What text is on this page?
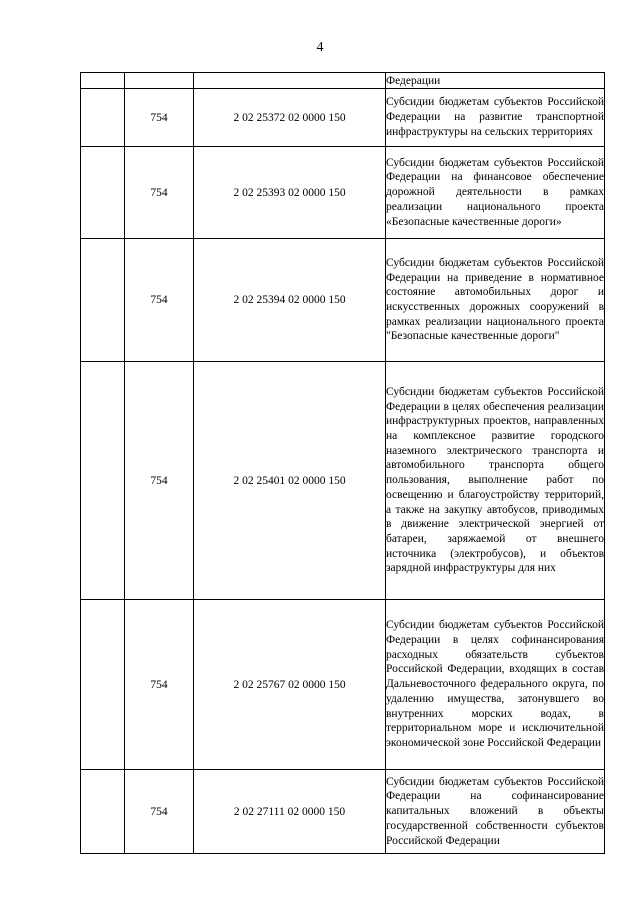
4
			Федерации
	754	2 02 25372 02 0000 150	Субсидии бюджетам субъектов Российской Федерации на развитие транспортной инфраструктуры на сельских территориях
	754	2 02 25393 02 0000 150	Субсидии бюджетам субъектов Российской Федерации на финансовое обеспечение дорожной деятельности в рамках реализации национального проекта «Безопасные качественные дороги»
	754	2 02 25394 02 0000 150	Субсидии бюджетам субъектов Российской Федерации на приведение в нормативное состояние автомобильных дорог и искусственных дорожных сооружений в рамках реализации национального проекта "Безопасные качественные дороги"
	754	2 02 25401 02 0000 150	Субсидии бюджетам субъектов Российской Федерации в целях обеспечения реализации инфраструктурных проектов, направленных на комплексное развитие городского наземного электрического транспорта и автомобильного транспорта общего пользования, выполнение работ по освещению и благоустройству территорий, а также на закупку автобусов, приводимых в движение электрической энергией от батареи, заряжаемой от внешнего источника (электробусов), и объектов зарядной инфраструктуры для них
	754	2 02 25767 02 0000 150	Субсидии бюджетам субъектов Российской Федерации в целях софинансирования расходных обязательств субъектов Российской Федерации, входящих в состав Дальневосточного федерального округа, по удалению имущества, затонувшего во внутренних морских водах, в территориальном море и исключительной экономической зоне Российской Федерации
	754	2 02 27111 02 0000 150	Субсидии бюджетам субъектов Российской Федерации на софинансирование капитальных вложений в объекты государственной собственности субъектов Российской Федерации
